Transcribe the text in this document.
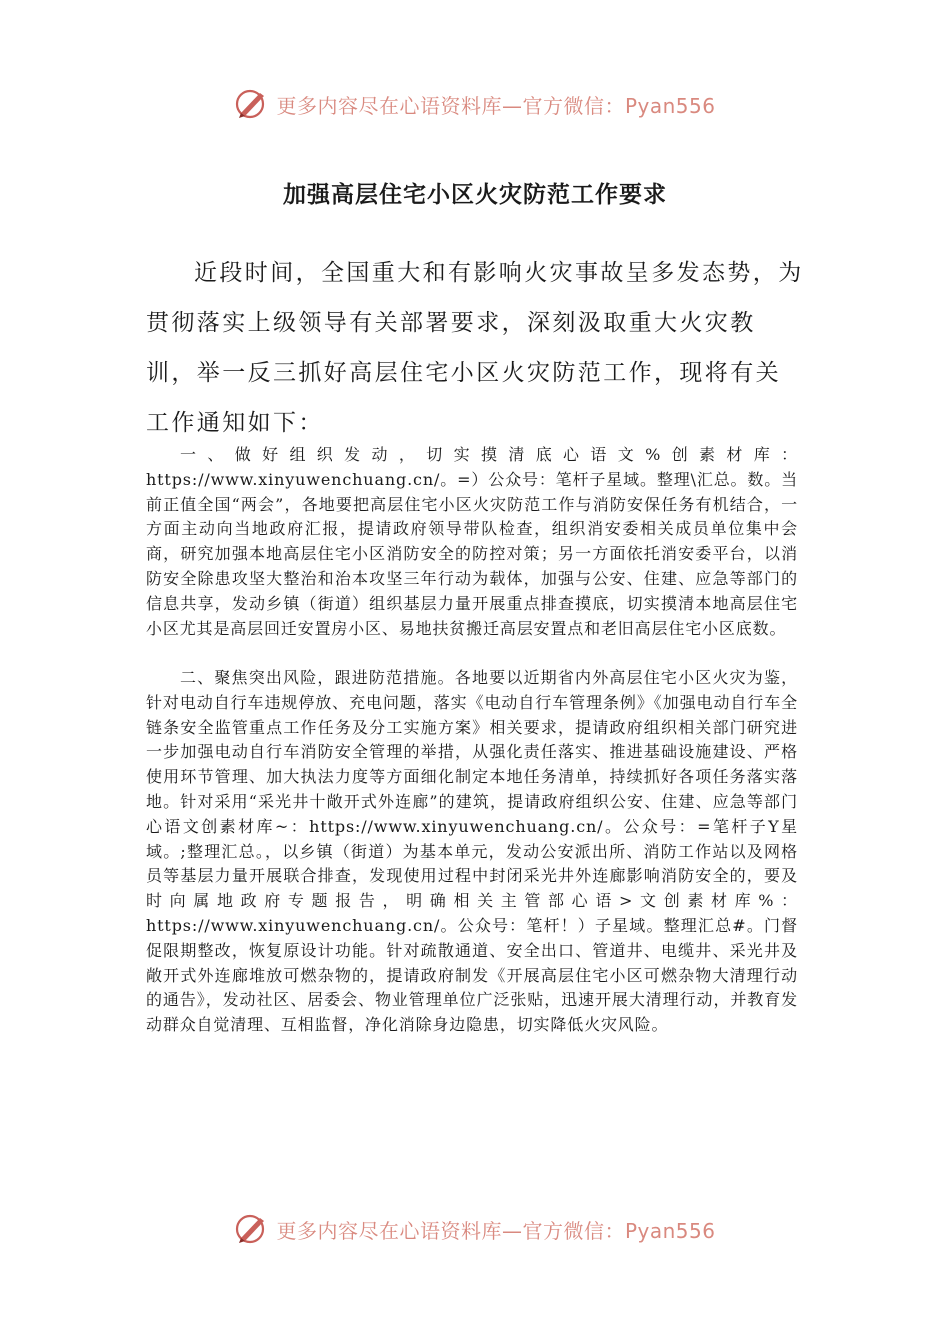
更多内容尽在心语资料库—官方微信：Pyan556
加强高层住宅小区火灾防范工作要求

近段时间，全国重大和有影响火灾事故呈多发态势，为贯彻落实上级领导有关部署要求，深刻汲取重大火灾教训，举一反三抓好高层住宅小区火灾防范工作，现将有关工作通知如下：

一、做好组织发动，切实摸清底心语文%创素材库：https://www.xinyuwenchuang.cn/。=）公众号：笔杆子星域。整理\汇总。数。当前正值全国“两会”，各地要把高层住宅小区火灾防范工作与消防安保任务有机结合，一方面主动向当地政府汇报，提请政府领导带队检查，组织消安委相关成员单位集中会商，研究加强本地高层住宅小区消防安全的防控对策；另一方面依托消安委平台，以消防安全除患攻坚大整治和治本攻坚三年行动为载体，加强与公安、住建、应急等部门的信息共享，发动乡镇（街道）组织基层力量开展重点排查摸底，切实摸清本地高层住宅小区尤其是高层回迁安置房小区、易地扶贫搬迁高层安置点和老旧高层住宅小区底数。

二、聚焦突出风险，跟进防范措施。各地要以近期省内外高层住宅小区火灾为鉴，针对电动自行车违规停放、充电问题，落实《电动自行车管理条例》《加强电动自行车全链条安全监管重点工作任务及分工实施方案》相关要求，提请政府组织相关部门研究进一步加强电动自行车消防安全管理的举措，从强化责任落实、推进基础设施建设、严格使用环节管理、加大执法力度等方面细化制定本地任务清单，持续抓好各项任务落实落地。针对采用“采光井十敞开式外连廊”的建筑，提请政府组织公安、住建、应急等部门心语文创素材库~：https://www.xinyuwenchuang.cn/。公众号：=笔杆子Y星域。;整理汇总。，以乡镇（街道）为基本单元，发动公安派出所、消防工作站以及网格员等基层力量开展联合排查，发现使用过程中封闭采光井外连廊影响消防安全的，要及时向属地政府专题报告，明确相关主管部心语>文创素材库%：https://www.xinyuwenchuang.cn/。公众号：笔杆！）子星域。整理汇总#。门督促限期整改，恢复原设计功能。针对疏散通道、安全出口、管道井、电缆井、采光井及敞开式外连廊堆放可燃杂物的，提请政府制发《开展高层住宅小区可燃杂物大清理行动的通告》，发动社区、居委会、物业管理单位广泛张贴，迅速开展大清理行动，并教育发动群众自觉清理、互相监督，净化消除身边隐患，切实降低火灾风险。

更多内容尽在心语资料库—官方微信：Pyan556
